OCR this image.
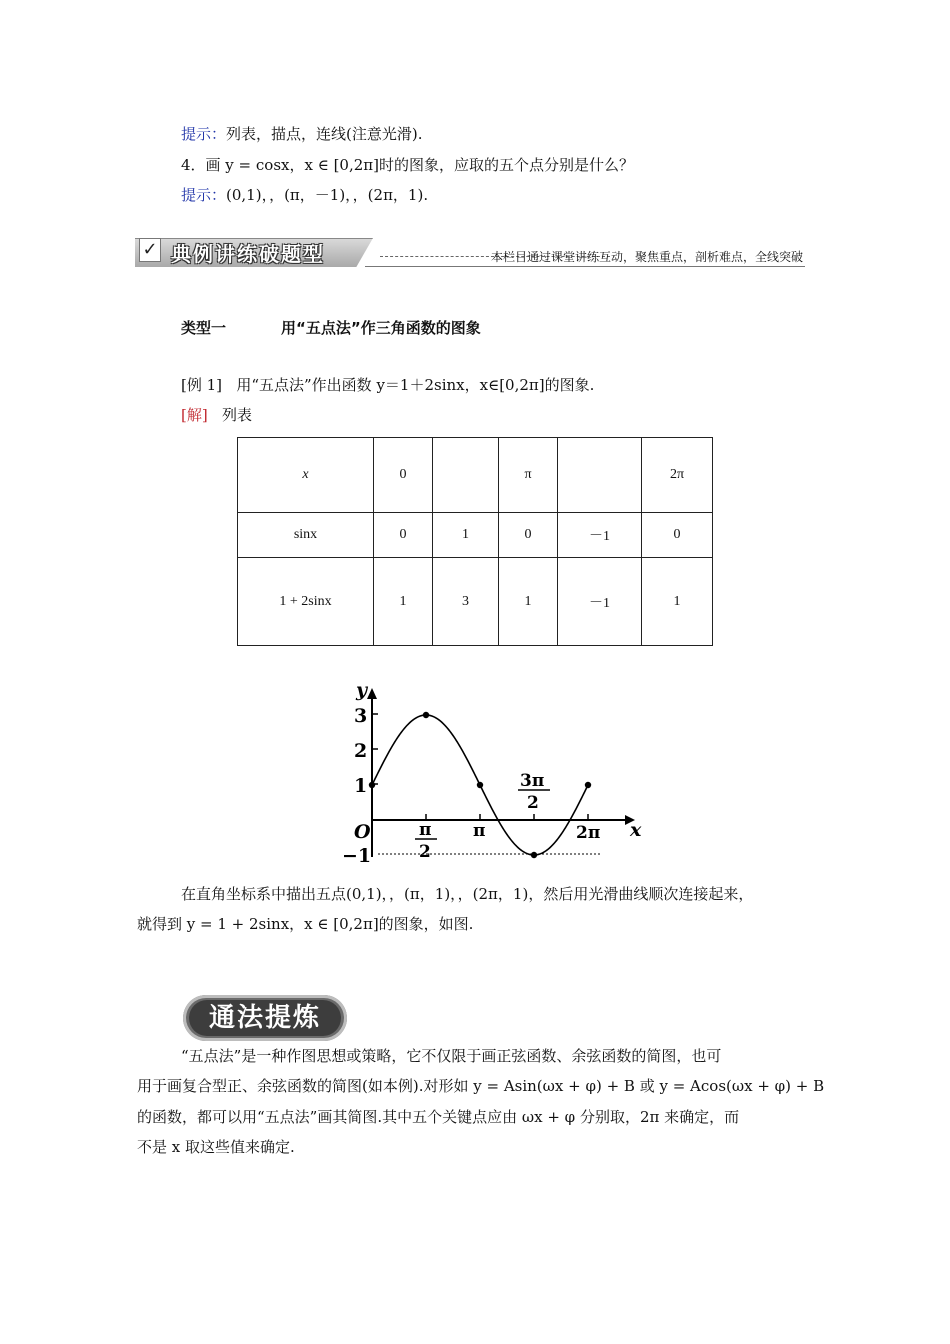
提示：列表，描点，连线(注意光滑).
4．画 y = cosx，x ∈ [0,2π]时的图象，应取的五个点分别是什么？
提示：(0,1)，，(π，－1)，，(2π，1).
✓ 典例讲练破题型	本栏目通过课堂讲练互动，聚焦重点，剖析难点，全线突破
类型一	用“五点法”作三角函数的图象
[例 1] 用“五点法”作出函数 y＝1＋2sinx，x∈[0,2π]的图象.
[解] 列表
x	0		π		2π
sinx	0	1	0	－1	0
1 + 2sinx	1	3	1	－1	1
x
y
O
3
2
1
−1
π
2
π
3π
2
2π
在直角坐标系中描出五点(0,1)，，(π，1)，，(2π，1)，然后用光滑曲线顺次连接起来，
就得到 y = 1 + 2sinx，x ∈ [0,2π]的图象，如图.
通法提炼
“五点法”是一种作图思想或策略，它不仅限于画正弦函数、余弦函数的简图，也可
用于画复合型正、余弦函数的简图(如本例).对形如 y = Asin(ωx + φ) + B 或 y = Acos(ωx + φ) + B
的函数，都可以用“五点法”画其简图.其中五个关键点应由 ωx + φ 分别取，2π 来确定，而
不是 x 取这些值来确定.
